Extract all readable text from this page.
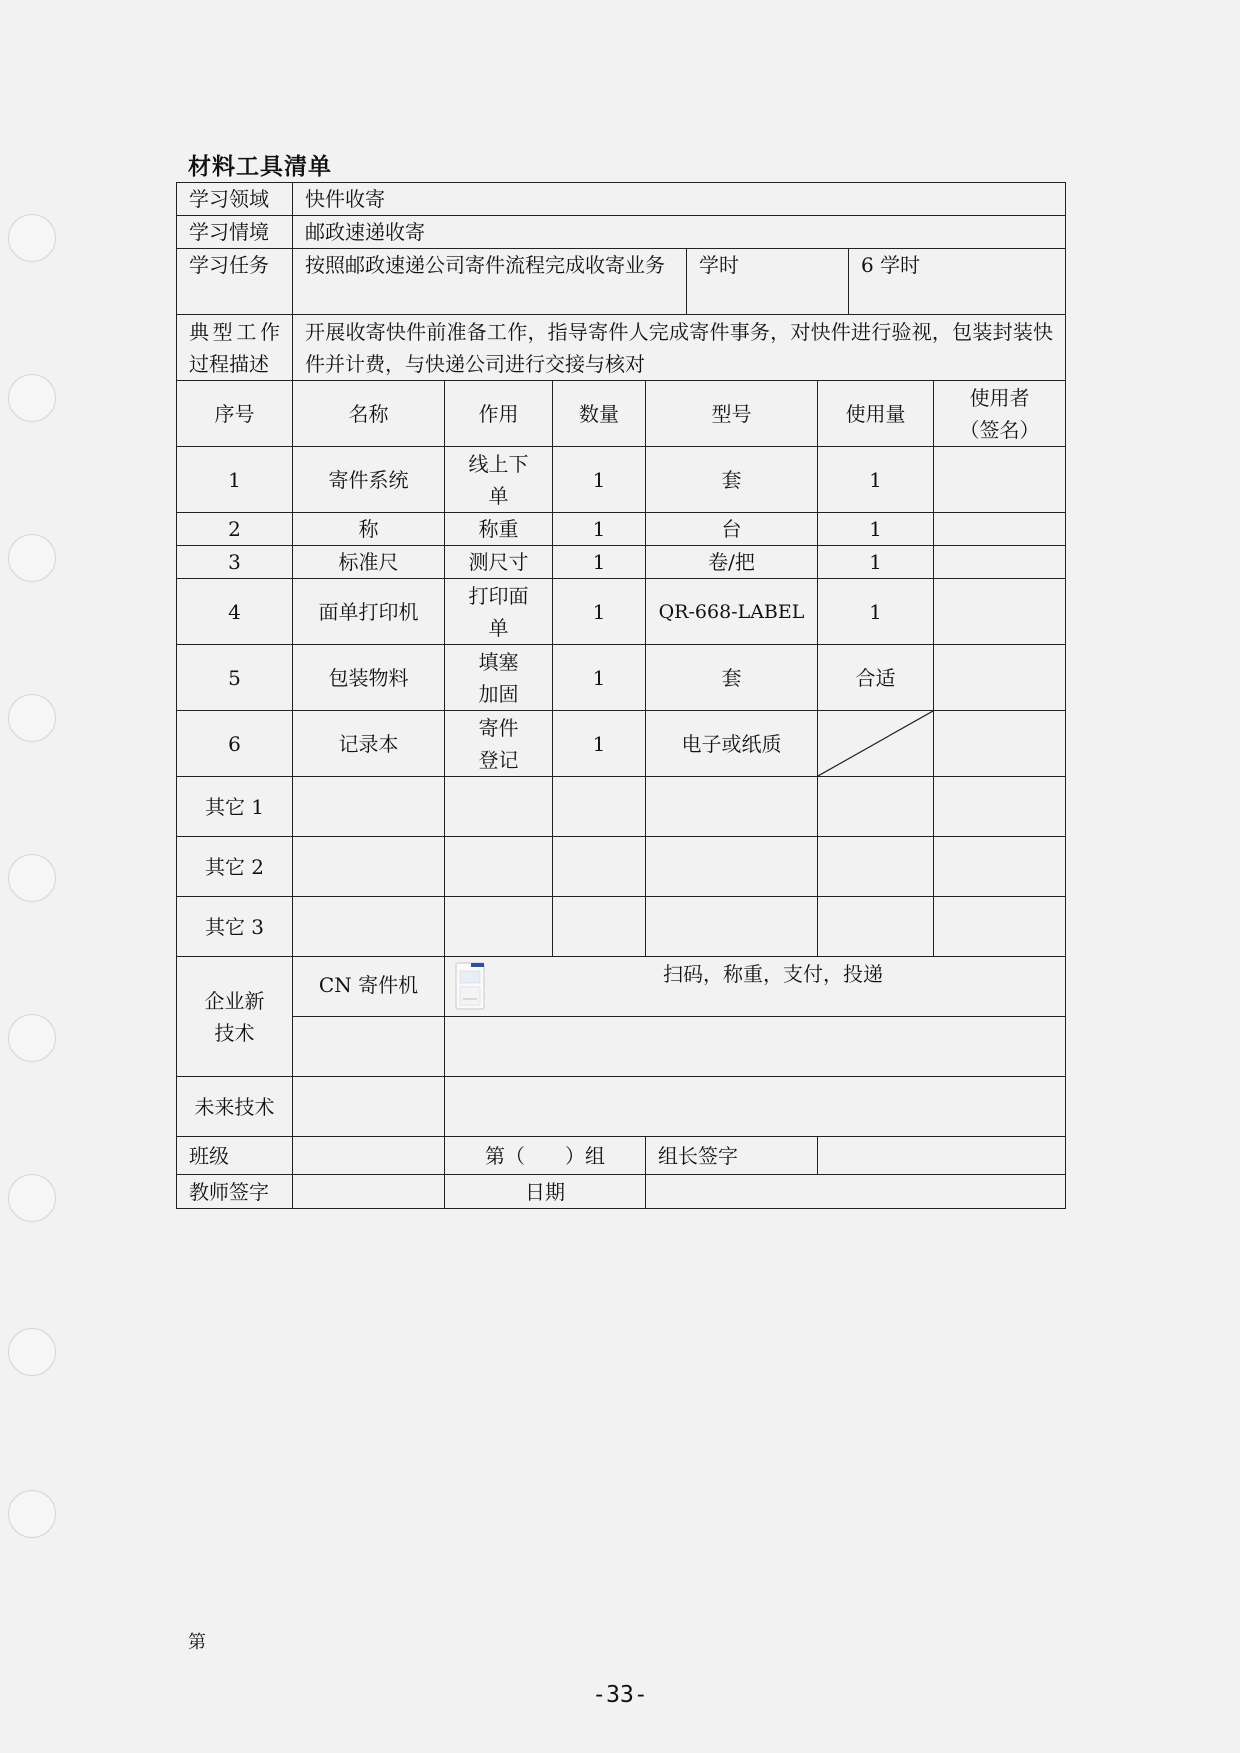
材料工具清单
学习领域	快件收寄							
学习情境	邮政速递收寄							
学习任务	按照邮政速递公司寄件流程完成收寄业务				学时		6 学时	
典型工作过程描述	开展收寄快件前准备工作，指导寄件人完成寄件事务，对快件进行验视，包装封装快件并计费，与快递公司进行交接与核对							
序号	名称	作用	数量	型号		使用量		使用者（签名）
1	寄件系统	线上下单	1	套		1		
2	称	称重	1	台		1		
3	标准尺	测尺寸	1	卷/把		1		
4	面单打印机	打印面单	1	QR-668-LABEL		1		
5	包装物料	填塞加固	1	套		合适		
6	记录本	寄件登记	1	电子或纸质	

其它 1								
其它 2								
其它 3								
企业新技术	CN 寄件机	扫码，称重，支付，投递						

未来技术								
班级		第（　　）组		组长签字				
教师签字		日期						
第
-33-
